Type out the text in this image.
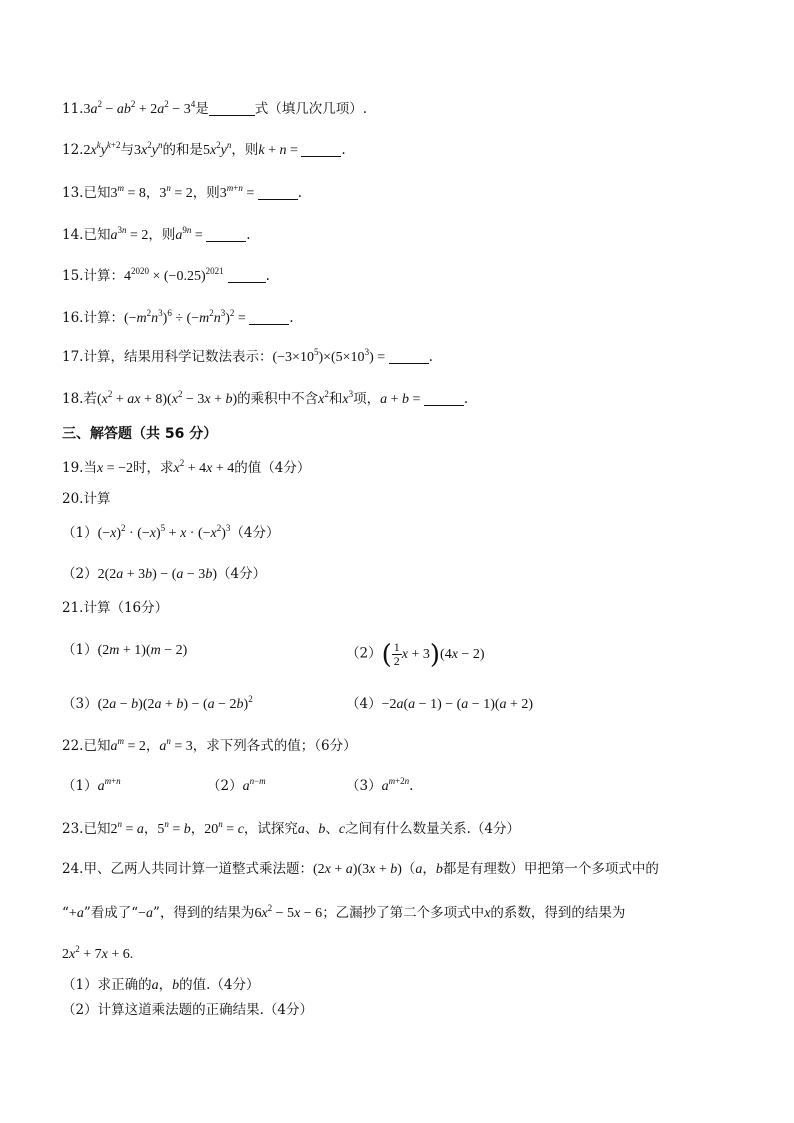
$11.3a^2 - ab^2 + 2a^2 - 3^4$是	式（填几次几项）.
$12.2x^ky^{k+2}$与$3x^2y^n$的和是$5x^2y^n$，则k + n =	.
13.已知$3^m = 8$，$3^n = 2$，则$3^{m+n}$ =	.
14.已知$a^{3n} = 2$，则$a^{9n}$ =	.
15.计算：$4^{2020} \times (-0.25)^{2021}$	.
16.计算：$(-m^2n^3)^6 \div (-m^2n^3)^2$ =	.
17.计算，结果用科学记数法表示：$(-3\times 10^5)\times(5\times 10^3)$ =	.
18.若($x^2$ + ax + $8)(x^2 - 3x + b)$的乘积中不含$x^2$和$x^3$项，a + b =	.
三、解答题（共 56 分）
19.当x = −2时，求$x^2 + 4x + 4$的值（4分）
20.计算
$(1)(-x)^2 \cdot (-x)^5 + x \cdot (-x^2)^3(4$分）
（2）2(2a + 3b) − (a − 3b)（4分）
21.计算（16分）
（1）(2m + 1)(m − 2)	$(2)( \frac{1}{2}$ x + 3)(4x − 2)
$(3)(2a - b)(2a + b) - (a - 2b)^2$	（4）−2a(a − 1) − (a − 1)(a + 2)
22.已知$a^m = 2$，$a^n = 3$，求下列各式的值；（6分）
$(1)a^{m+n}$	$(2)a^{n-m}$	$(3)a^{m+2n}$.
23.已知$2^n = a$，$5^n = b$，$20^n = c$，试探究a、b、c之间有什么数量关系.（4分）
24.甲、乙两人共同计算一道整式乘法题：(2x + a)(3x + b)（a，b都是有理数）甲把第一个多项式中的
“+a”看成了“−a”，得到的结果为$6x^2 - 5x - 6$；乙漏抄了第二个多项式中x的系数，得到的结果为
$2x^2 + 7x + 6$.
（1）求正确的a，b的值.（4分）
（2）计算这道乘法题的正确结果.（4分）
